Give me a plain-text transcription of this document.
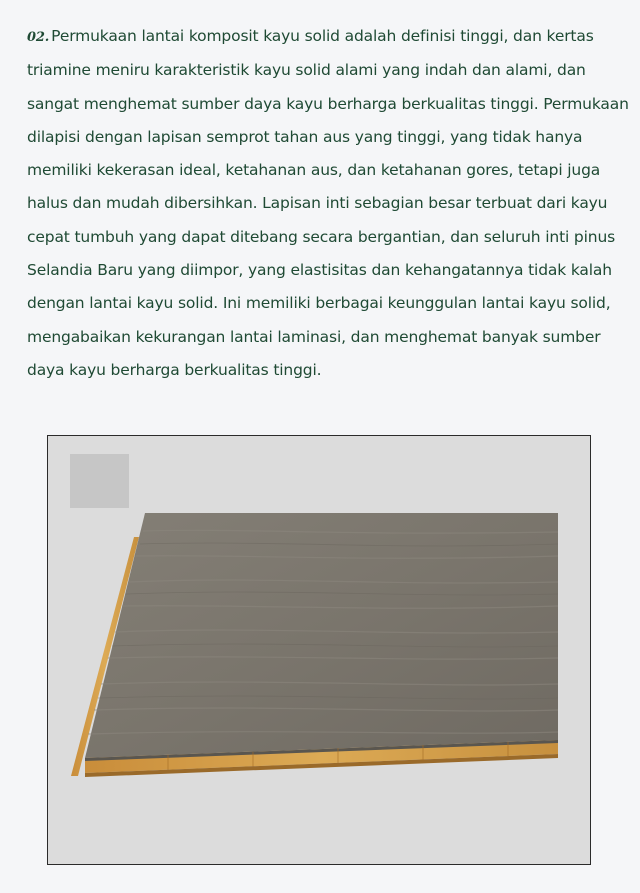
02. Permukaan lantai komposit kayu solid adalah definisi tinggi, dan kertas
triamine meniru karakteristik kayu solid alami yang indah dan alami, dan
sangat menghemat sumber daya kayu berharga berkualitas tinggi. Permukaan
dilapisi dengan lapisan semprot tahan aus yang tinggi, yang tidak hanya
memiliki kekerasan ideal, ketahanan aus, dan ketahanan gores, tetapi juga
halus dan mudah dibersihkan. Lapisan inti sebagian besar terbuat dari kayu
cepat tumbuh yang dapat ditebang secara bergantian, dan seluruh inti pinus
Selandia Baru yang diimpor, yang elastisitas dan kehangatannya tidak kalah
dengan lantai kayu solid. Ini memiliki berbagai keunggulan lantai kayu solid,
mengabaikan kekurangan lantai laminasi, dan menghemat banyak sumber
daya kayu berharga berkualitas tinggi.
